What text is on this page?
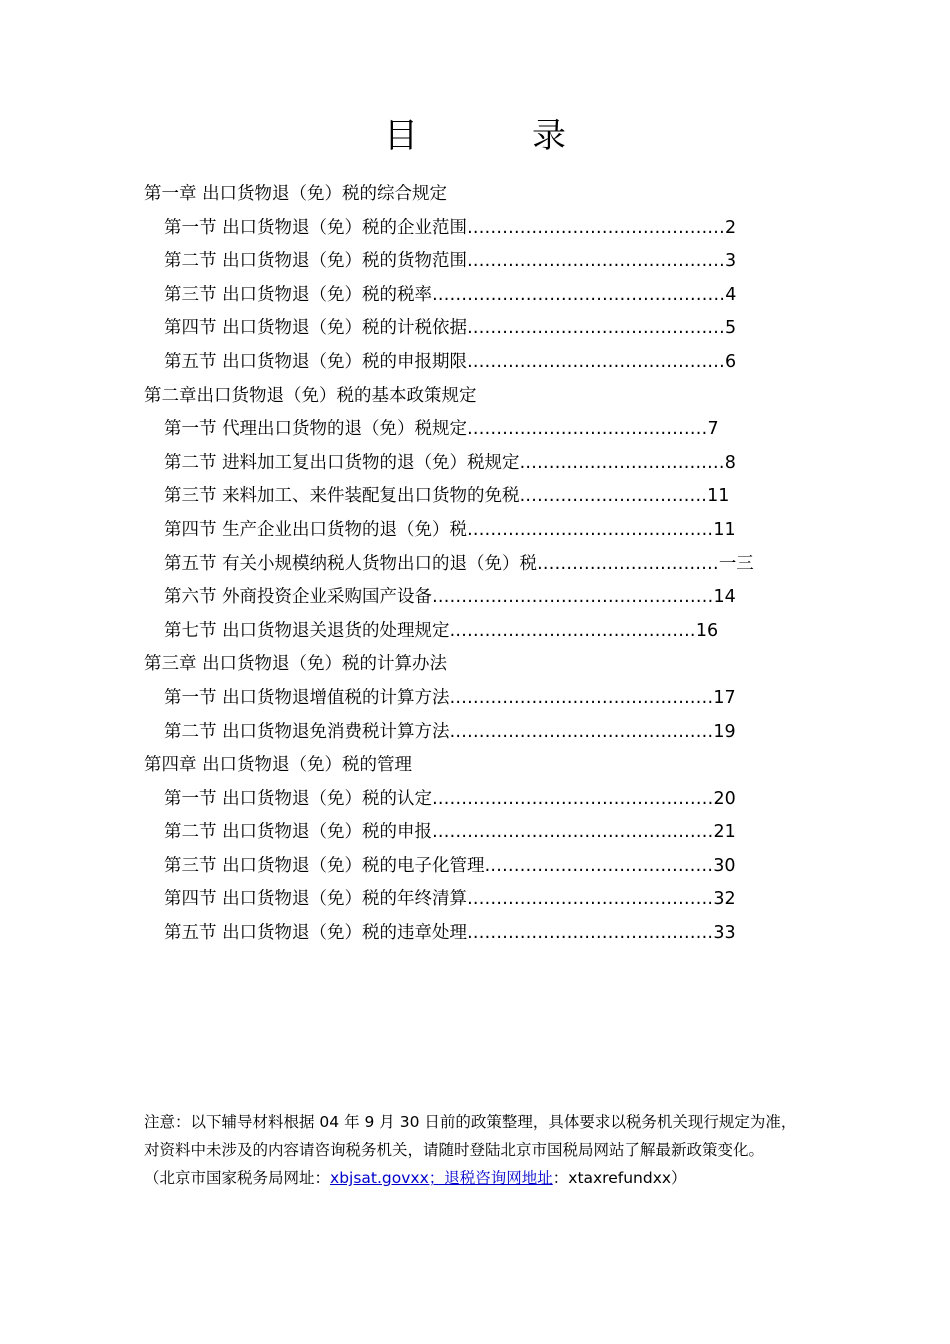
目　录
第一章 出口货物退（免）税的综合规定
第一节 出口货物退（免）税的企业范围 ............................................ 2
第二节 出口货物退（免）税的货物范围 ............................................ 3
第三节 出口货物退（免）税的税率 .................................................. 4
第四节 出口货物退（免）税的计税依据 ............................................ 5
第五节 出口货物退（免）税的申报期限 ............................................ 6
第二章出口货物退（免）税的基本政策规定
第一节 代理出口货物的退（免）税规定 ......................................... 7
第二节 进料加工复出口货物的退（免）税规定 ................................... 8
第三节 来料加工、来件装配复出口货物的免税 ................................ 11
第四节 生产企业出口货物的退（免）税 .......................................... 11
第五节 有关小规模纳税人货物出口的退（免）税 ............................... 一三
第六节 外商投资企业采购国产设备 ................................................ 14
第七节 出口货物退关退货的处理规定 .......................................... 16
第三章 出口货物退（免）税的计算办法
第一节 出口货物退增值税的计算方法 ............................................. 17
第二节 出口货物退免消费税计算方法 ............................................. 19
第四章 出口货物退（免）税的管理
第一节 出口货物退（免）税的认定 ................................................ 20
第二节 出口货物退（免）税的申报 ................................................ 21
第三节 出口货物退（免）税的电子化管理 ....................................... 30
第四节 出口货物退（免）税的年终清算 .......................................... 32
第五节 出口货物退（免）税的违章处理 .......................................... 33
注意：以下辅导材料根据 04 年 9 月 30 日前的政策整理，具体要求以税务机关现行规定为准，
对资料中未涉及的内容请咨询税务机关，请随时登陆北京市国税局网站了解最新政策变化。
（北京市国家税务局网址：xbjsat.govxx；退税咨询网地址：xtaxrefundxx）
